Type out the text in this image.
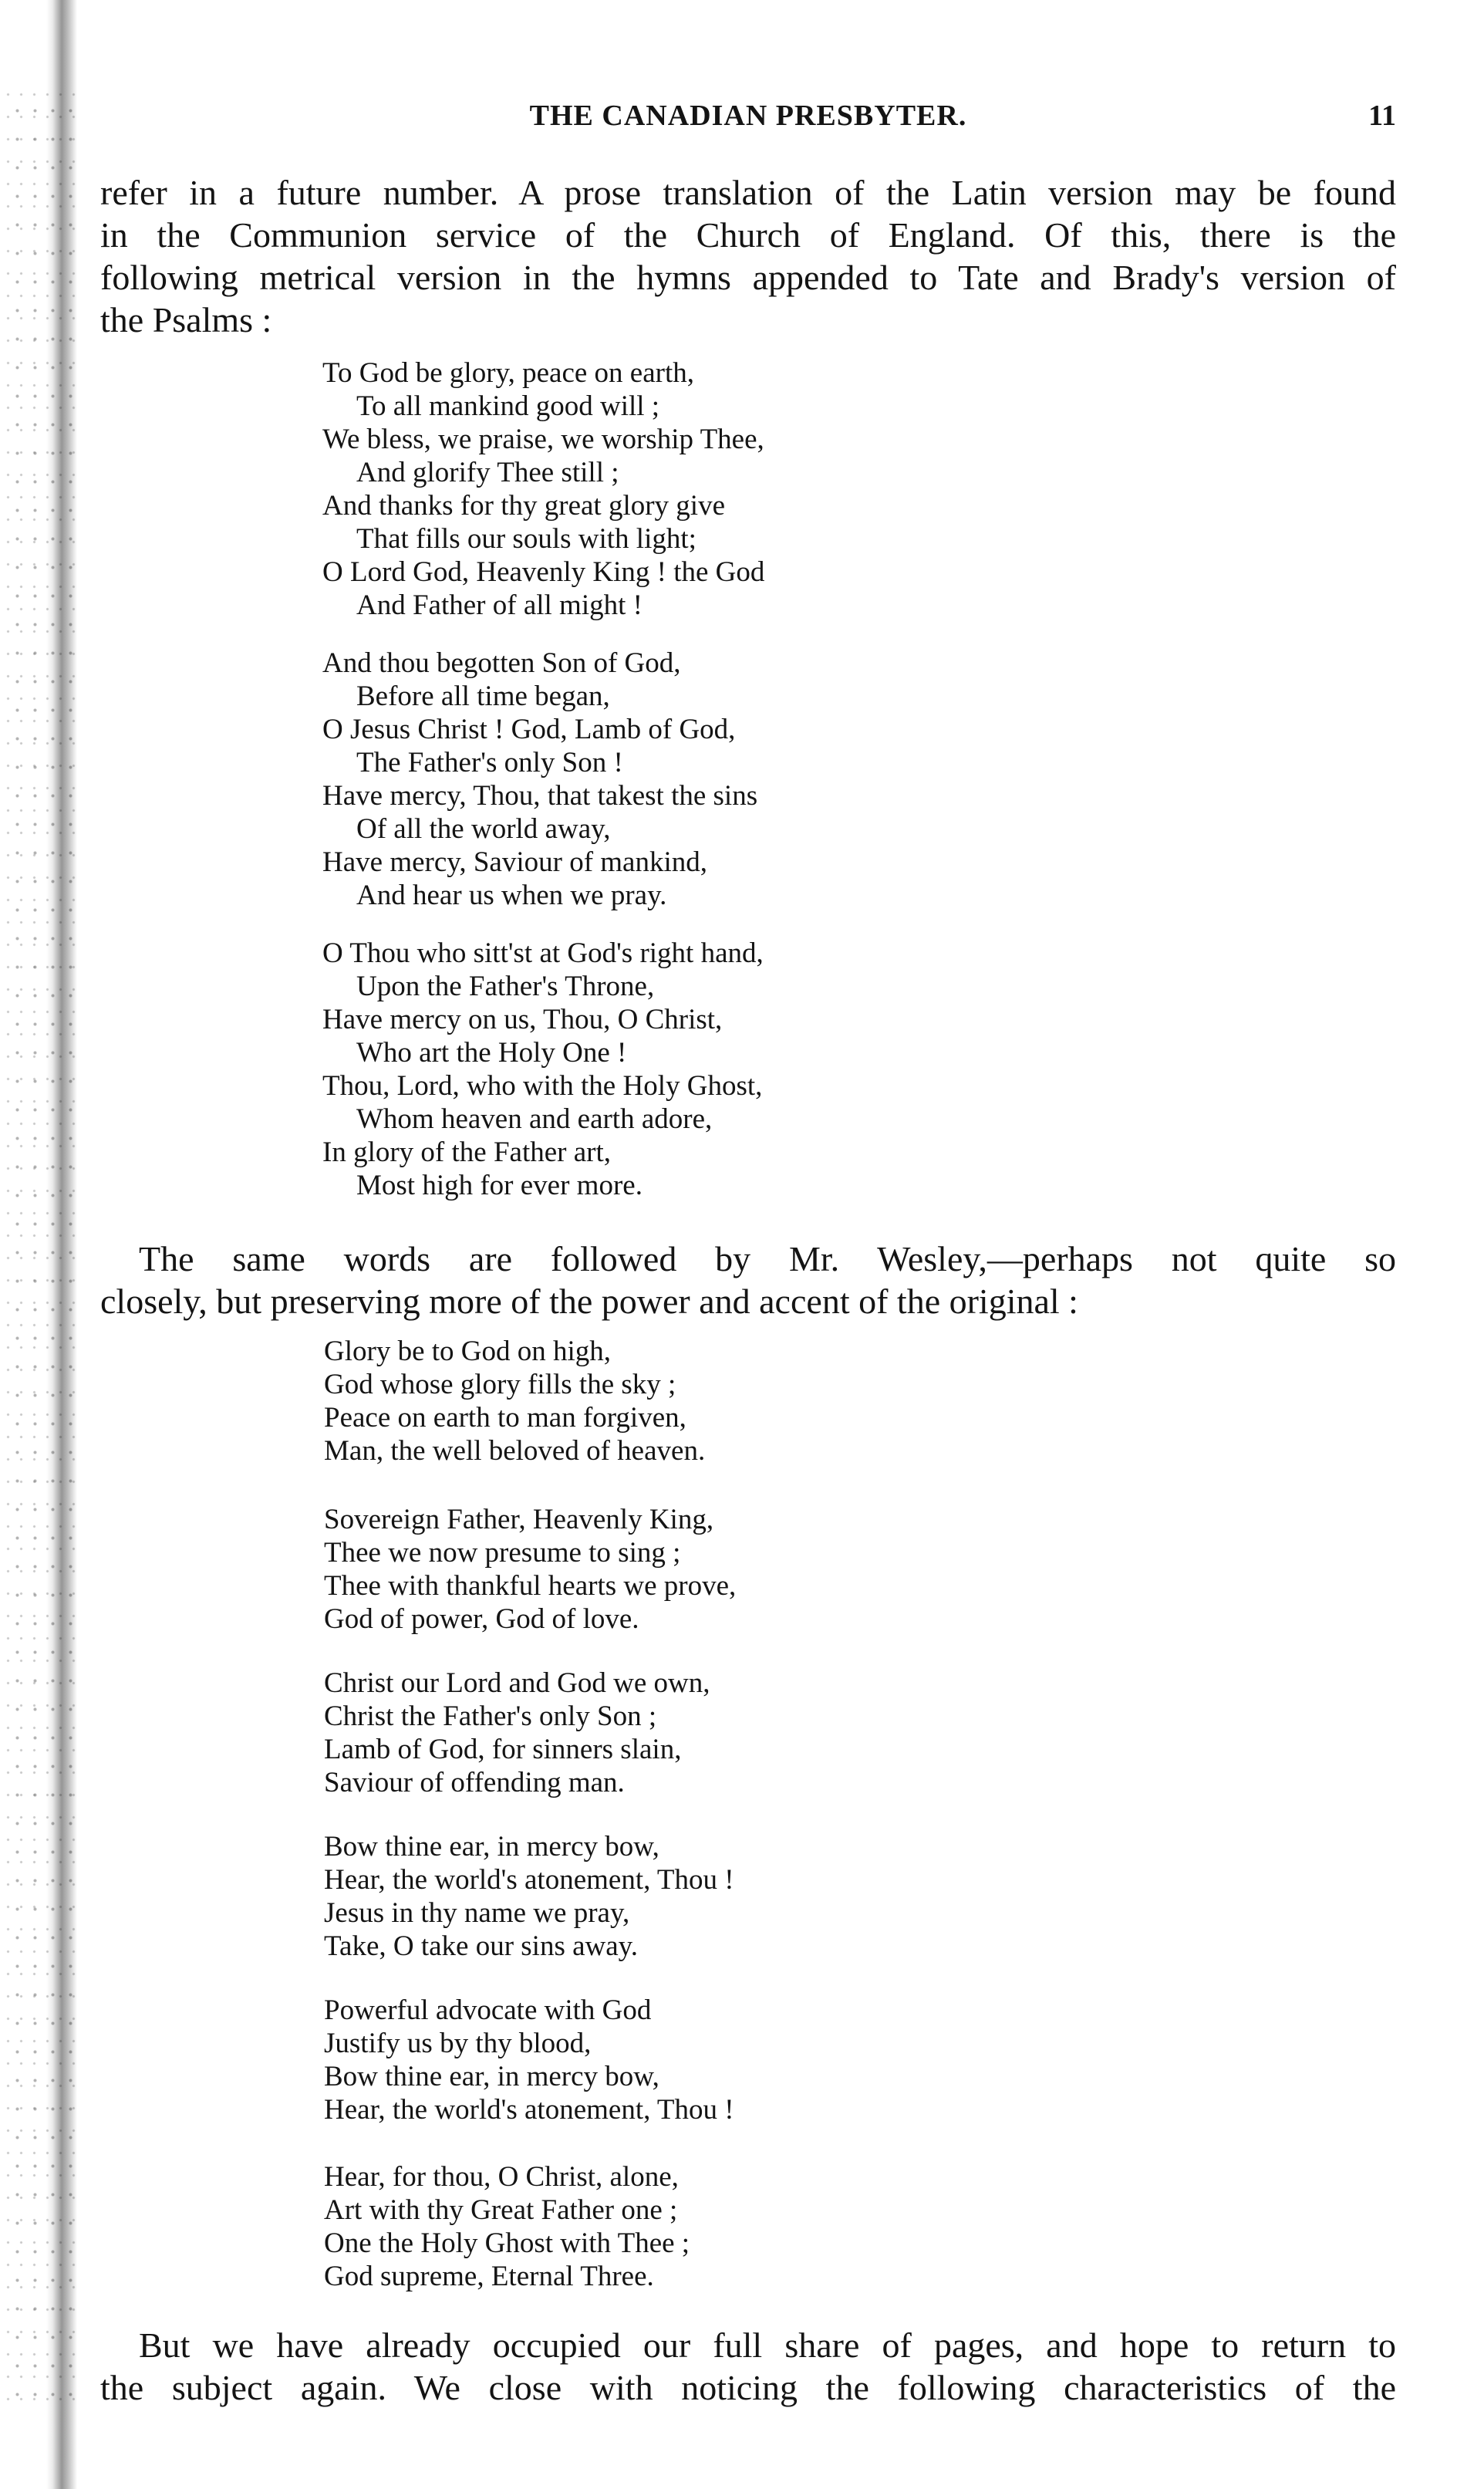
THE CANADIAN PRESBYTER.	11
refer in a future number. A prose translation of the Latin version may be found
in the Communion service of the Church of England. Of this, there is the
following metrical version in the hymns appended to Tate and Brady's version of
the Psalms :
To God be glory, peace on earth,
To all mankind good will ;
We bless, we praise, we worship Thee,
And glorify Thee still ;
And thanks for thy great glory give
That fills our souls with light;
O Lord God, Heavenly King ! the God
And Father of all might !
And thou begotten Son of God,
Before all time began,
O Jesus Christ ! God, Lamb of God,
The Father's only Son !
Have mercy, Thou, that takest the sins
Of all the world away,
Have mercy, Saviour of mankind,
And hear us when we pray.
O Thou who sitt'st at God's right hand,
Upon the Father's Throne,
Have mercy on us, Thou, O Christ,
Who art the Holy One !
Thou, Lord, who with the Holy Ghost,
Whom heaven and earth adore,
In glory of the Father art,
Most high for ever more.
The same words are followed by Mr. Wesley,—perhaps not quite so
closely, but preserving more of the power and accent of the original :
Glory be to God on high,
God whose glory fills the sky ;
Peace on earth to man forgiven,
Man, the well beloved of heaven.
Sovereign Father, Heavenly King,
Thee we now presume to sing ;
Thee with thankful hearts we prove,
God of power, God of love.
Christ our Lord and God we own,
Christ the Father's only Son ;
Lamb of God, for sinners slain,
Saviour of offending man.
Bow thine ear, in mercy bow,
Hear, the world's atonement, Thou !
Jesus in thy name we pray,
Take, O take our sins away.
Powerful advocate with God
Justify us by thy blood,
Bow thine ear, in mercy bow,
Hear, the world's atonement, Thou !
Hear, for thou, O Christ, alone,
Art with thy Great Father one ;
One the Holy Ghost with Thee ;
God supreme, Eternal Three.
But we have already occupied our full share of pages, and hope to return to
the subject again. We close with noticing the following characteristics of the
